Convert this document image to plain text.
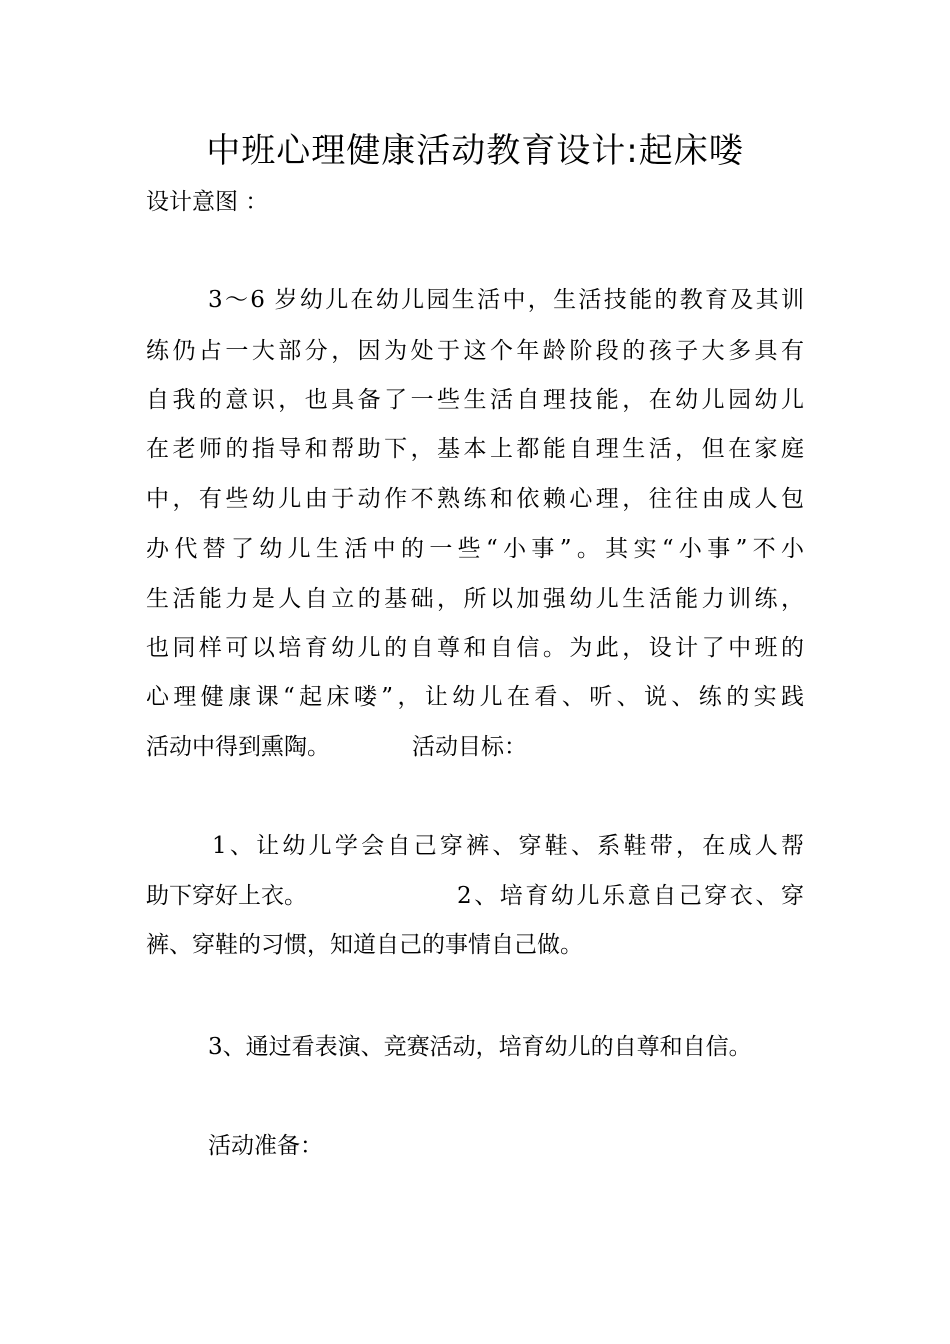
中班心理健康活动教育设计:起床喽
设计意图 ：
3～6 岁幼儿在幼儿园生活中，生活技能的教育及其训
练仍占一大部分，因为处于这个年龄阶段的孩子大多具有
自我的意识，也具备了一些生活自理技能，在幼儿园幼儿
在老师的指导和帮助下，基本上都能自理生活，但在家庭
中，有些幼儿由于动作不熟练和依赖心理，往往由成人包
办代替了幼儿生活中的一些“小事”。其实“小事”不小
生活能力是人自立的基础，所以加强幼儿生活能力训练，
也同样可以培育幼儿的自尊和自信。为此，设计了中班的
心理健康课“起床喽”，让幼儿在看、听、说、练的实践
活动中得到熏陶。	活动目标：
1、让幼儿学会自己穿裤、穿鞋、系鞋带，在成人帮
助下穿好上衣。	2、培育幼儿乐意自己穿衣、穿
裤、穿鞋的习惯，知道自己的事情自己做。
3、通过看表演、竞赛活动，培育幼儿的自尊和自信。
活动准备：
